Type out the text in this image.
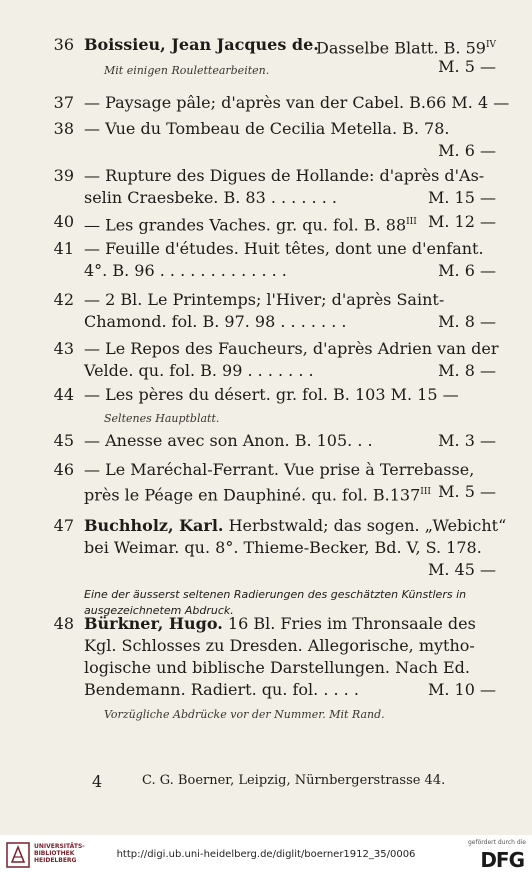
36 Boissieu, Jean Jacques de.
Dasselbe Blatt. B. $59^{IV}$
Mit einigen Roulettearbeiten.	M. 5 —
37 — Paysage pâle; d'après van der Cabel. B.66 M. 4 —
38 — Vue du Tombeau de Cecilia Metella. B. 78.
M. 6 —
39 — Rupture des Digues de Hollande: d'après d'As-
selin Craesbeke. B. 83 . . . . . . .	M. 15 —
40 — Les grandes Vaches. gr. qu. fol. B. $88^{III}$ M. 12 —
41 — Feuille d'études. Huit têtes, dont une d'enfant.
4°. B. 96 . . . . . . . . . . . . .	M. 6 —
42 — 2 Bl. Le Printemps; l'Hiver; d'après Saint-
Chamond. fol. B. 97. 98 . . . . . . .	M. 8 —
43 — Le Repos des Faucheurs, d'après Adrien van der
Velde. qu. fol. B. 99 . . . . . . .	M. 8 —
44 — Les pères du désert. gr. fol. B. 103 M. 15 —
Seltenes Hauptblatt.
45 — Anesse avec son Anon. B. 105. . .	M. 3 —
46 — Le Maréchal-Ferrant. Vue prise à Terrebasse,
près le Péage en Dauphiné. qu. fol. $B.137^{III}$ M. 5 —
47 Buchholz, Karl. Herbstwald; das sogen. „Webicht“
bei Weimar. qu. 8°. Thieme-Becker, Bd. V, S. 178.
M. 45 —
Eine der äusserst seltenen Radierungen des geschätzten Künstlers in ausgezeichnetem Abdruck.
48 Bürkner, Hugo. 16 Bl. Fries im Thronsaale des
Kgl. Schlosses zu Dresden. Allegorische, mytho-
logische und biblische Darstellungen. Nach Ed.
Bendemann. Radiert. qu. fol. . . . .	M. 10 —
Vorzügliche Abdrücke vor der Nummer. Mit Rand.
4	C. G. Boerner, Leipzig, Nürnbergerstrasse 44.
UNIVERSITÄTS-
BIBLIOTHEK
HEIDELBERG
http://digi.ub.uni-heidelberg.de/diglit/boerner1912_35/0006
gefördert durch die
DFG
